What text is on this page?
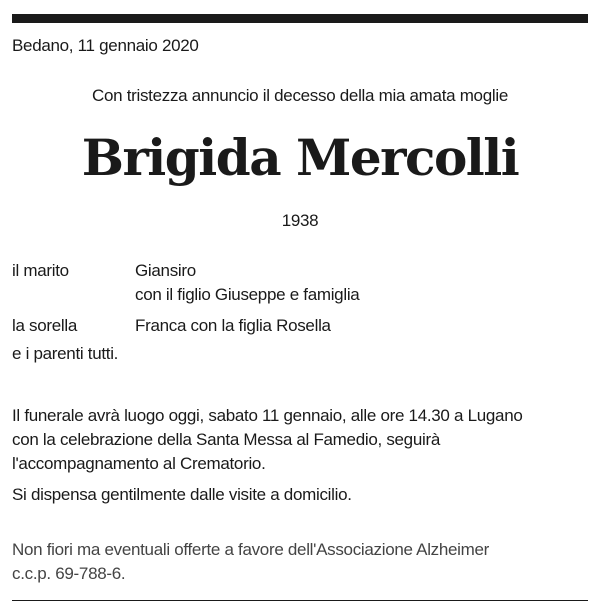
Bedano, 11 gennaio 2020
Con tristezza annuncio il decesso della mia amata moglie
Brigida Mercolli
1938
il marito	Giansiro
con il figlio Giuseppe e famiglia
la sorella	Franca con la figlia Rosella
e i parenti tutti.
Il funerale avrà luogo oggi, sabato 11 gennaio, alle ore 14.30 a Lugano
con la celebrazione della Santa Messa al Famedio, seguirà
l'accompagnamento al Crematorio.
Si dispensa gentilmente dalle visite a domicilio.
Non fiori ma eventuali offerte a favore dell'Associazione Alzheimer
c.c.p. 69-788-6.
